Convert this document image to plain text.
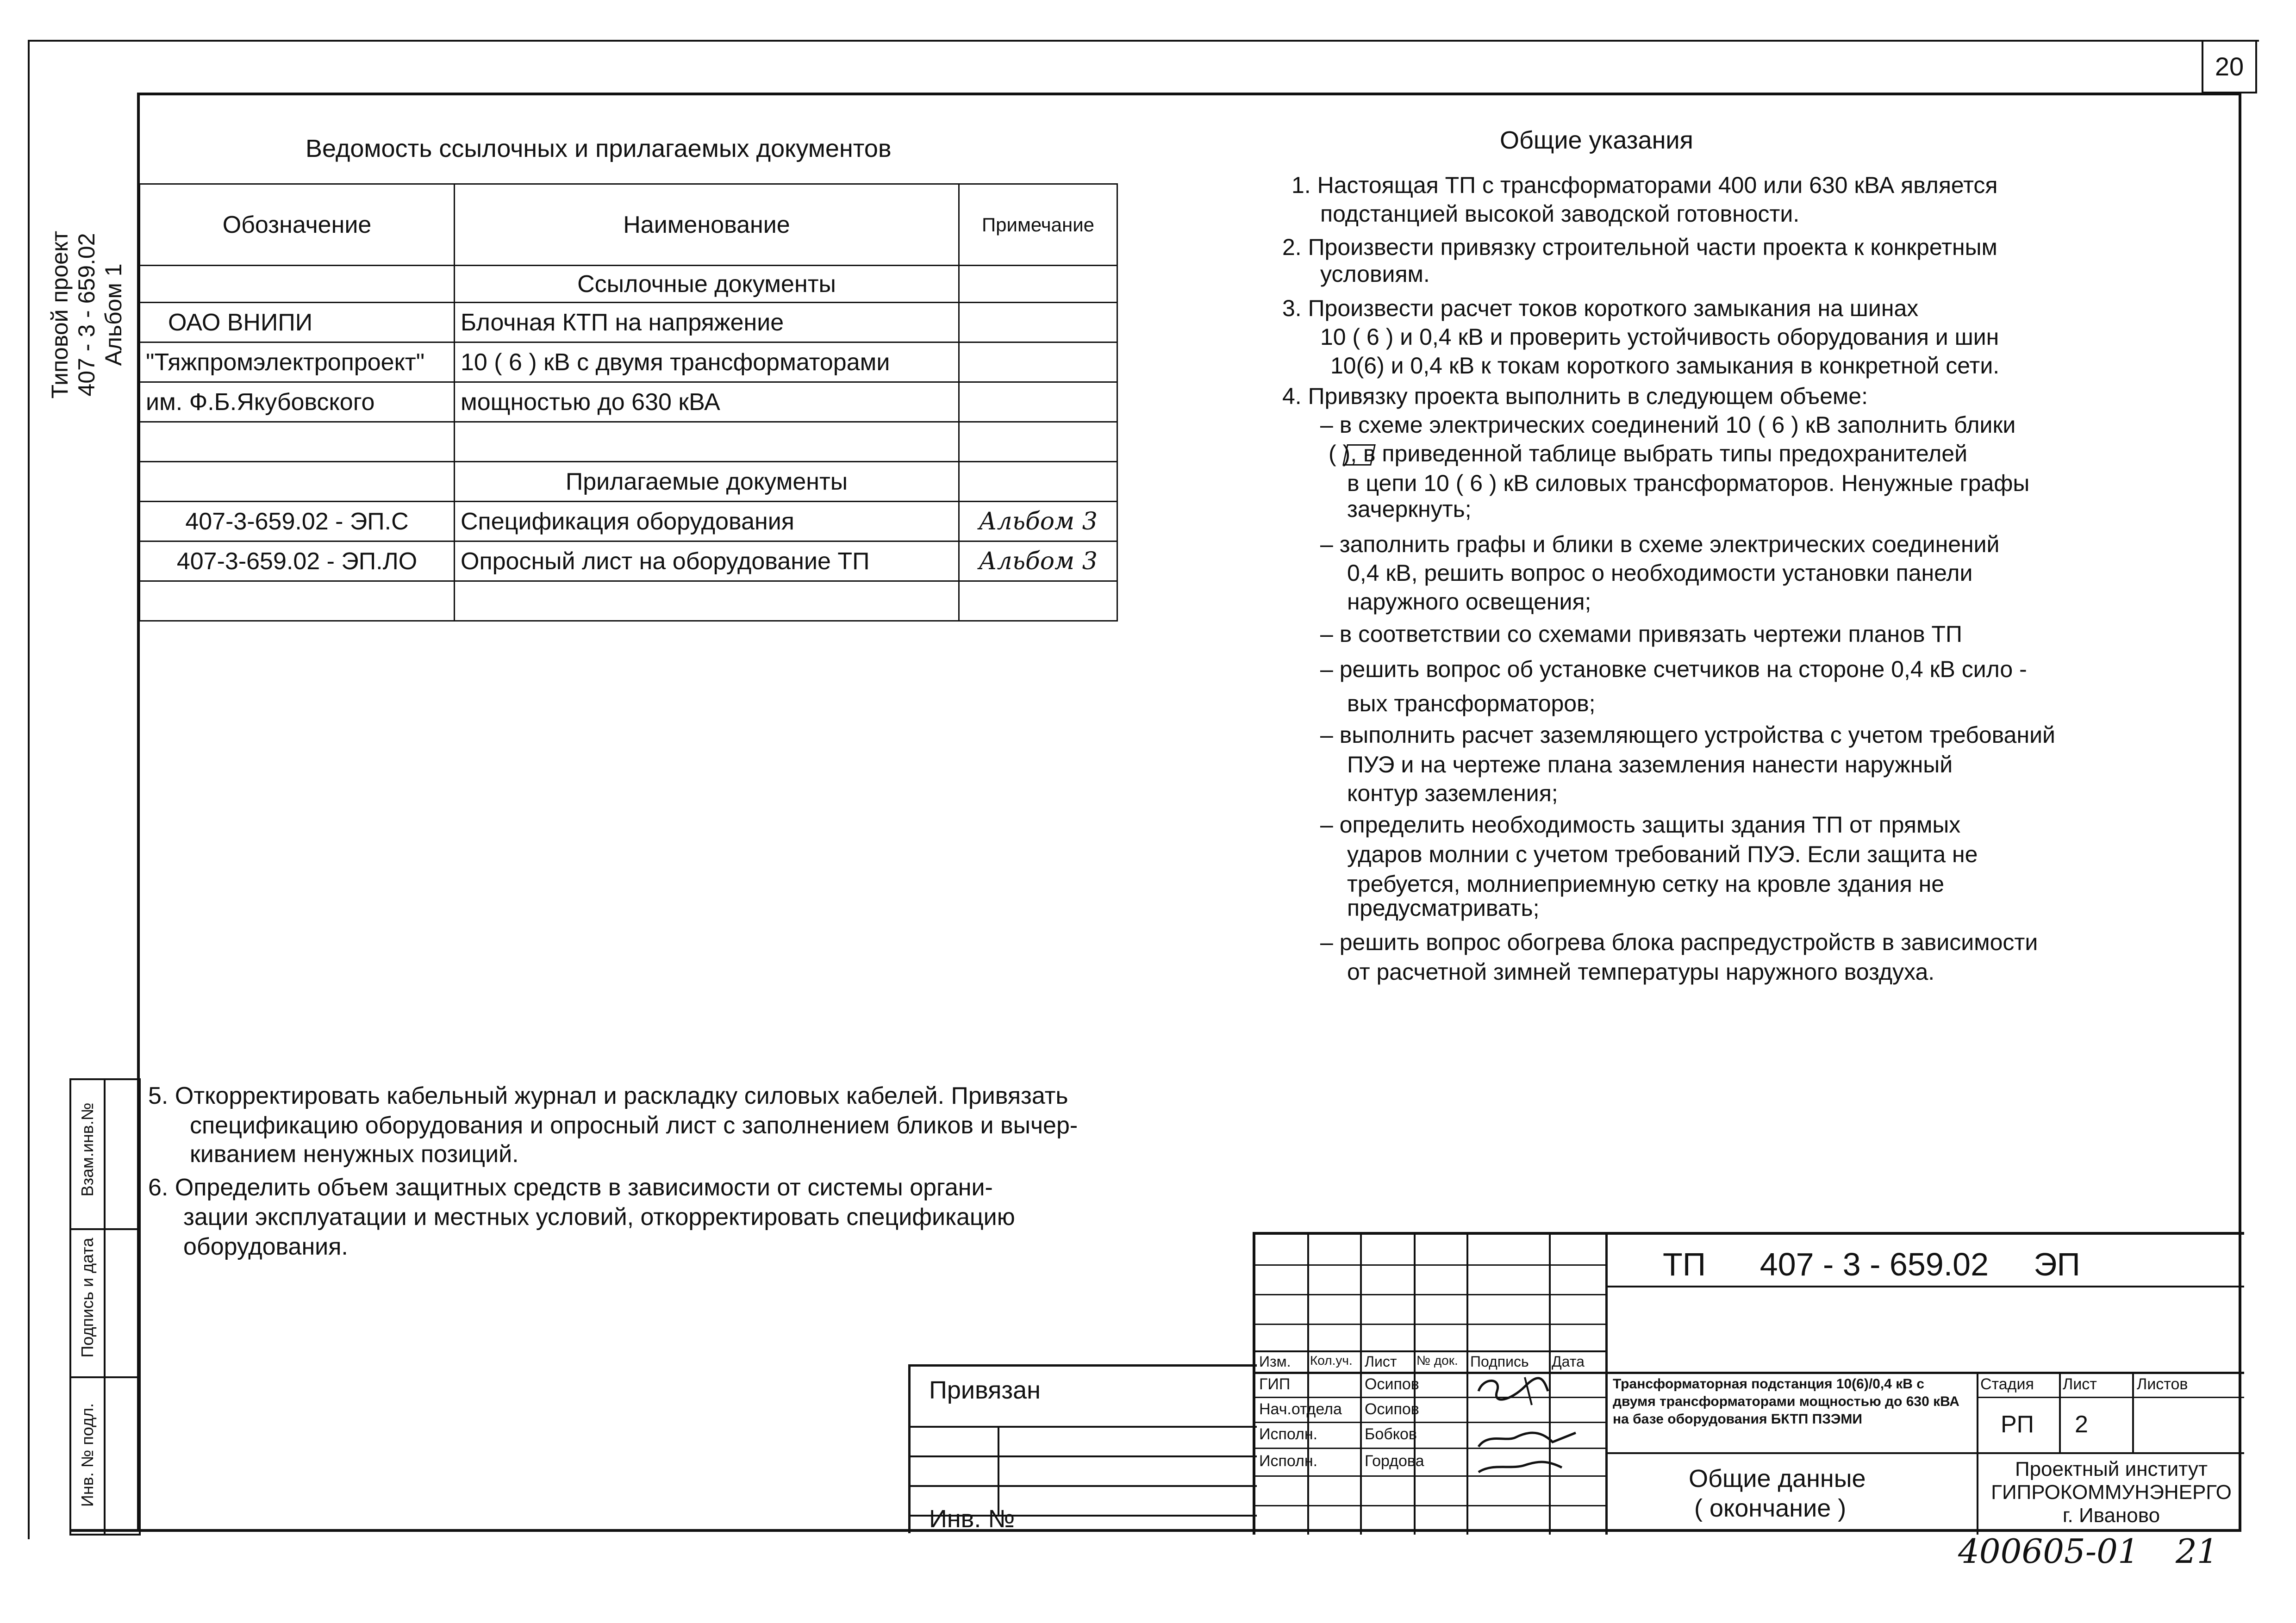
20
Типовой проект 407 - 3 - 659.02 Альбом 1
Взам.инв.№
Подпись и дата
Инв. № подл.
Ведомость ссылочных и прилагаемых документов
Обозначение	Наименование	Примечание
	Ссылочные документы	
ОАО ВНИПИ	Блочная КТП на напряжение	
"Тяжпромэлектропроект"	10 ( 6 ) кВ с двумя трансформаторами	
им. Ф.Б.Якубовского	мощностью до 630 кВА	

	Прилагаемые документы	
407-3-659.02 - ЭП.С	Спецификация оборудования	Альбом 3
407-3-659.02 - ЭП.ЛО	Опросный лист на оборудование ТП	Альбом 3

Общие указания
1. Настоящая ТП с трансформаторами 400 или 630 кВА является
подстанцией высокой заводской готовности.
2. Произвести привязку строительной части проекта к конкретным
условиям.
3. Произвести расчет токов короткого замыкания на шинах
10 ( 6 ) и 0,4 кВ и проверить устойчивость оборудования и шин
10(6) и 0,4 кВ к токам короткого замыкания в конкретной сети.
4. Привязку проекта выполнить в следующем объеме:
– в схеме электрических соединений 10 ( 6 ) кВ заполнить блики
( ), в приведенной таблице выбрать типы предохранителей
в цепи 10 ( 6 ) кВ силовых трансформаторов. Ненужные графы
зачеркнуть;
– заполнить графы и блики в схеме электрических соединений
0,4 кВ, решить вопрос о необходимости установки панели
наружного освещения;
– в соответствии со схемами привязать чертежи планов ТП
– решить вопрос об установке счетчиков на стороне 0,4 кВ сило -
вых трансформаторов;
– выполнить расчет заземляющего устройства с учетом требований
ПУЭ и на чертеже плана заземления нанести наружный
контур заземления;
– определить необходимость защиты здания ТП от прямых
ударов молнии с учетом требований ПУЭ. Если защита не
требуется, молниеприемную сетку на кровле здания не
предусматривать;
– решить вопрос обогрева блока распредустройств в зависимости
от расчетной зимней температуры наружного воздуха.
5. Откорректировать кабельный журнал и раскладку силовых кабелей. Привязать
спецификацию оборудования и опросный лист с заполнением бликов и вычер-
киванием ненужных позиций.
6. Определить объем защитных средств в зависимости от системы органи-
зации эксплуатации и местных условий, откорректировать спецификацию
оборудования.
Привязан
Инв. №
Изм. Кол.уч. Лист № док. Подпись Дата
ГИП	Осипов
Нач.отдела Осипов
Исполн.	Бобков
Исполн.	Гордова
ТП      407 - 3 - 659.02     ЭП
Трансформаторная подстанция 10(6)/0,4 кВ с двумя трансформаторами мощностью до 630 кВА на базе оборудования БКТП ПЗЭМИ
Стадия Лист	Листов
РП 2
Общие данные
( окончание )
Проектный институт
ГИПРОКОММУНЭНЕРГО
г. Иваново
400605-01 21
